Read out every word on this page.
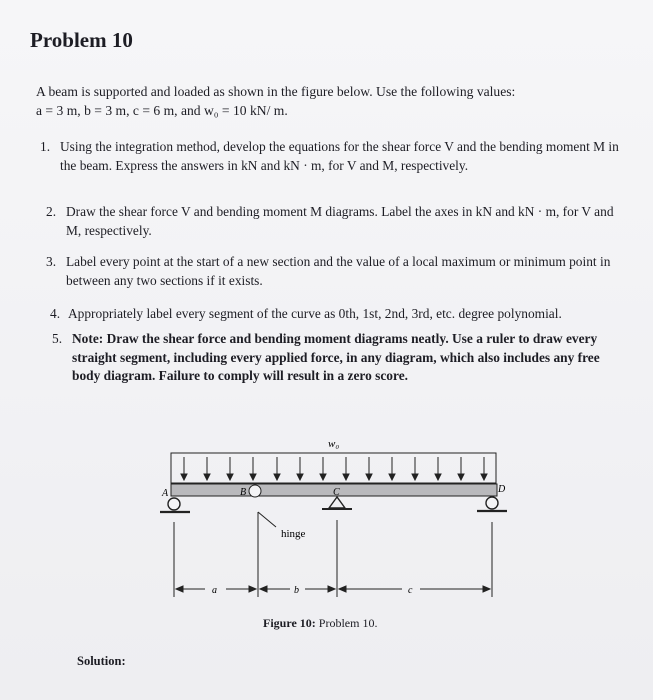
Problem 10
A beam is supported and loaded as shown in the figure below. Use the following values:
a = 3 m, b = 3 m, c = 6 m, and w₀ = 10 kN/ m.
1. Using the integration method, develop the equations for the shear force V and the bending moment M in the beam. Express the answers in kN and kN · m, for V and M, respectively.
2. Draw the shear force V and bending moment M diagrams. Label the axes in kN and kN · m, for V and M, respectively.
3. Label every point at the start of a new section and the value of a local maximum or minimum point in between any two sections if it exists.
4. Appropriately label every segment of the curve as 0th, 1st, 2nd, 3rd, etc. degree polynomial.
5. Note: Draw the shear force and bending moment diagrams neatly. Use a ruler to draw every straight segment, including every applied force, in any diagram, which also includes any free body diagram. Failure to comply will result in a zero score.
w₀
A	B	C	D
hinge
a	b	c
Figure 10: Problem 10.
Solution:
